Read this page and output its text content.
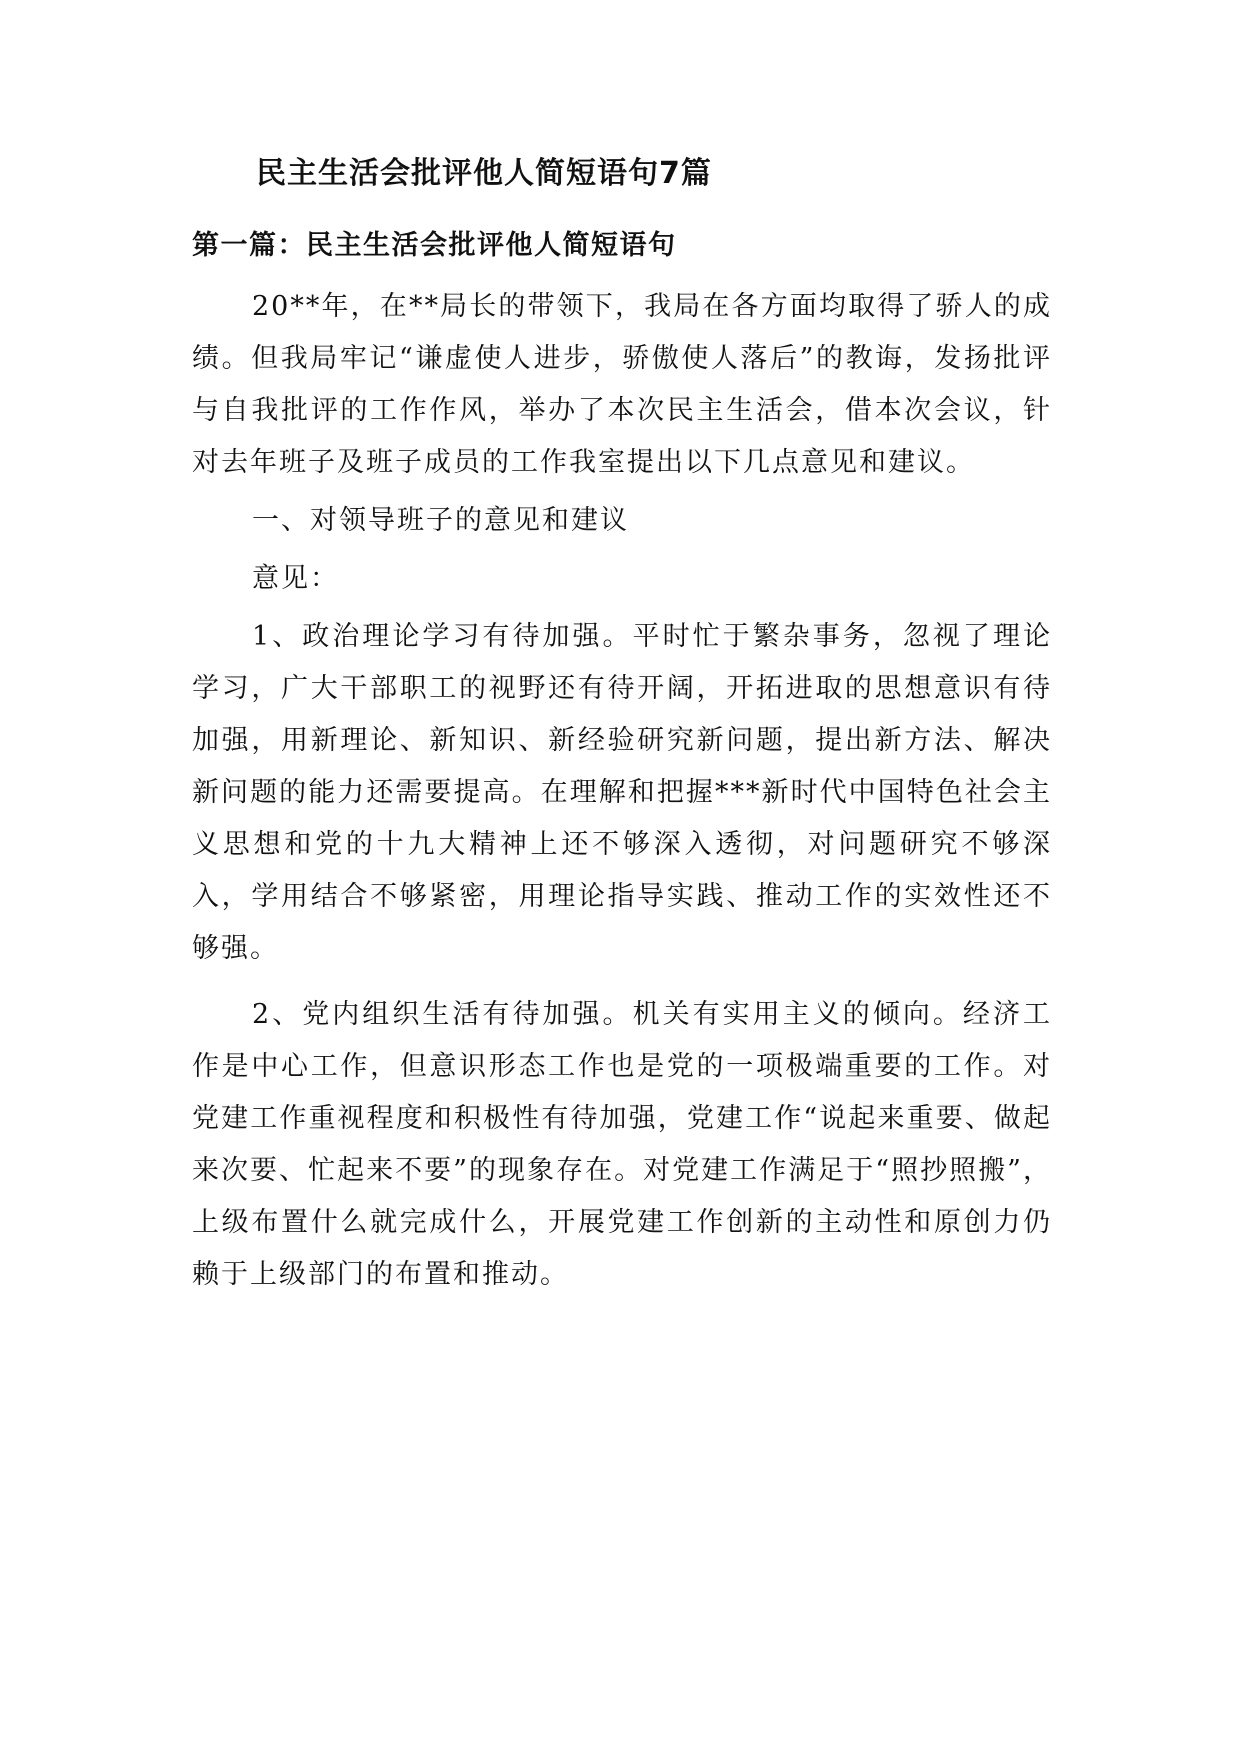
民主生活会批评他人简短语句7篇
第一篇：民主生活会批评他人简短语句

20**年，在**局长的带领下，我局在各方面均取得了骄人的成绩。但我局牢记“谦虚使人进步，骄傲使人落后”的教诲，发扬批评与自我批评的工作作风，举办了本次民主生活会，借本次会议，针对去年班子及班子成员的工作我室提出以下几点意见和建议。

一、对领导班子的意见和建议

意见：

1、政治理论学习有待加强。平时忙于繁杂事务，忽视了理论学习，广大干部职工的视野还有待开阔，开拓进取的思想意识有待加强，用新理论、新知识、新经验研究新问题，提出新方法、解决新问题的能力还需要提高。在理解和把握***新时代中国特色社会主义思想和党的十九大精神上还不够深入透彻，对问题研究不够深入，学用结合不够紧密，用理论指导实践、推动工作的实效性还不够强。

2、党内组织生活有待加强。机关有实用主义的倾向。经济工作是中心工作，但意识形态工作也是党的一项极端重要的工作。对党建工作重视程度和积极性有待加强，党建工作“说起来重要、做起来次要、忙起来不要”的现象存在。对党建工作满足于“照抄照搬”，上级布置什么就完成什么，开展党建工作创新的主动性和原创力仍赖于上级部门的布置和推动。
